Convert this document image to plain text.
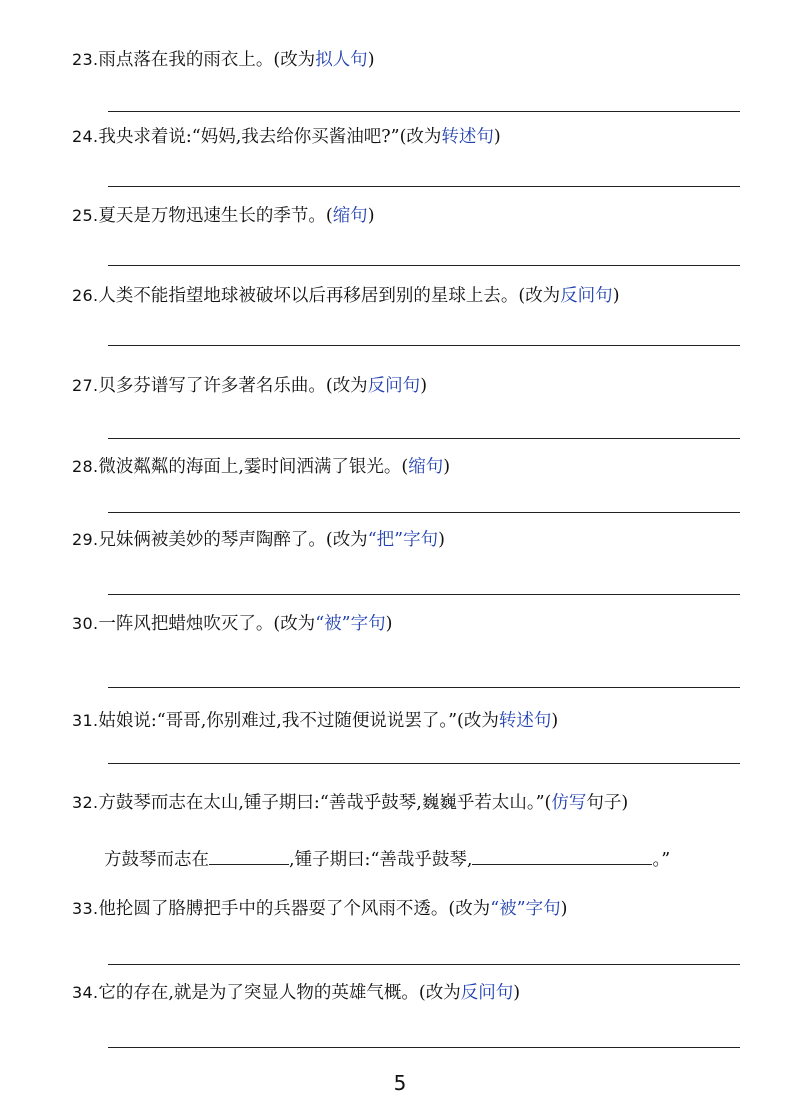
23.雨点落在我的雨衣上。(改为拟人句)
24.我央求着说:“妈妈,我去给你买酱油吧?”(改为转述句)
25.夏天是万物迅速生长的季节。(缩句)
26.人类不能指望地球被破坏以后再移居到别的星球上去。(改为反问句)
27.贝多芬谱写了许多著名乐曲。(改为反问句)
28.微波粼粼的海面上,霎时间洒满了银光。(缩句)
29.兄妹俩被美妙的琴声陶醉了。(改为“把”字句)
30.一阵风把蜡烛吹灭了。(改为“被”字句)
31.姑娘说:“哥哥,你别难过,我不过随便说说罢了。”(改为转述句)
32.方鼓琴而志在太山,锺子期曰:“善哉乎鼓琴,巍巍乎若太山。”(仿写句子)
方鼓琴而志在	,锺子期曰:“善哉乎鼓琴,	。”
33.他抡圆了胳膊把手中的兵器耍了个风雨不透。(改为“被”字句)
34.它的存在,就是为了突显人物的英雄气概。(改为反问句)
5
